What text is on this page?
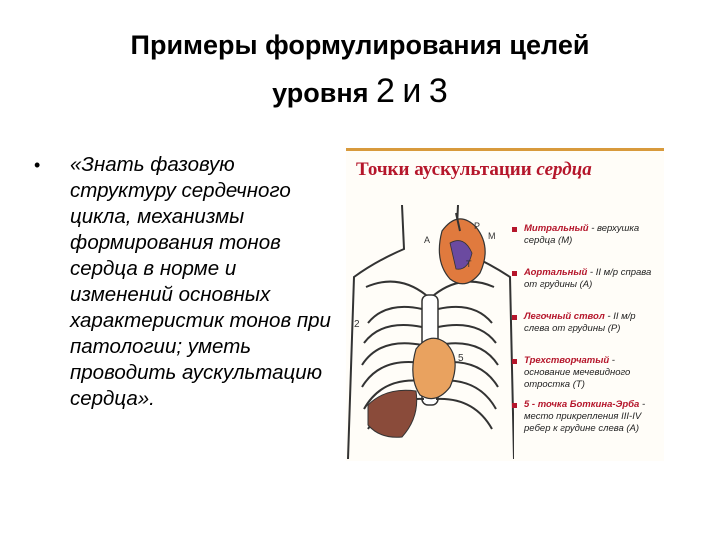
Примеры формулирования целей
уровня 2 и 3
• «Знать фазовую структуру сердечного цикла, механизмы формирования тонов сердца в норме и изменений основных характеристик тонов при патологии; уметь проводить аускультацию сердца».
Точки аускультации сердца
А
Р
М
Т
2
5
Митральный - верхушка сердца (М)
Аортальный - II м/р справа от грудины (А)
Легочный ствол - II м/р слева от грудины (Р)
Трехстворчатый - основание мечевидного отростка (Т)
5 - точка Боткина-Эрба - место прикрепления III-IV ребер к грудине слева (А)
